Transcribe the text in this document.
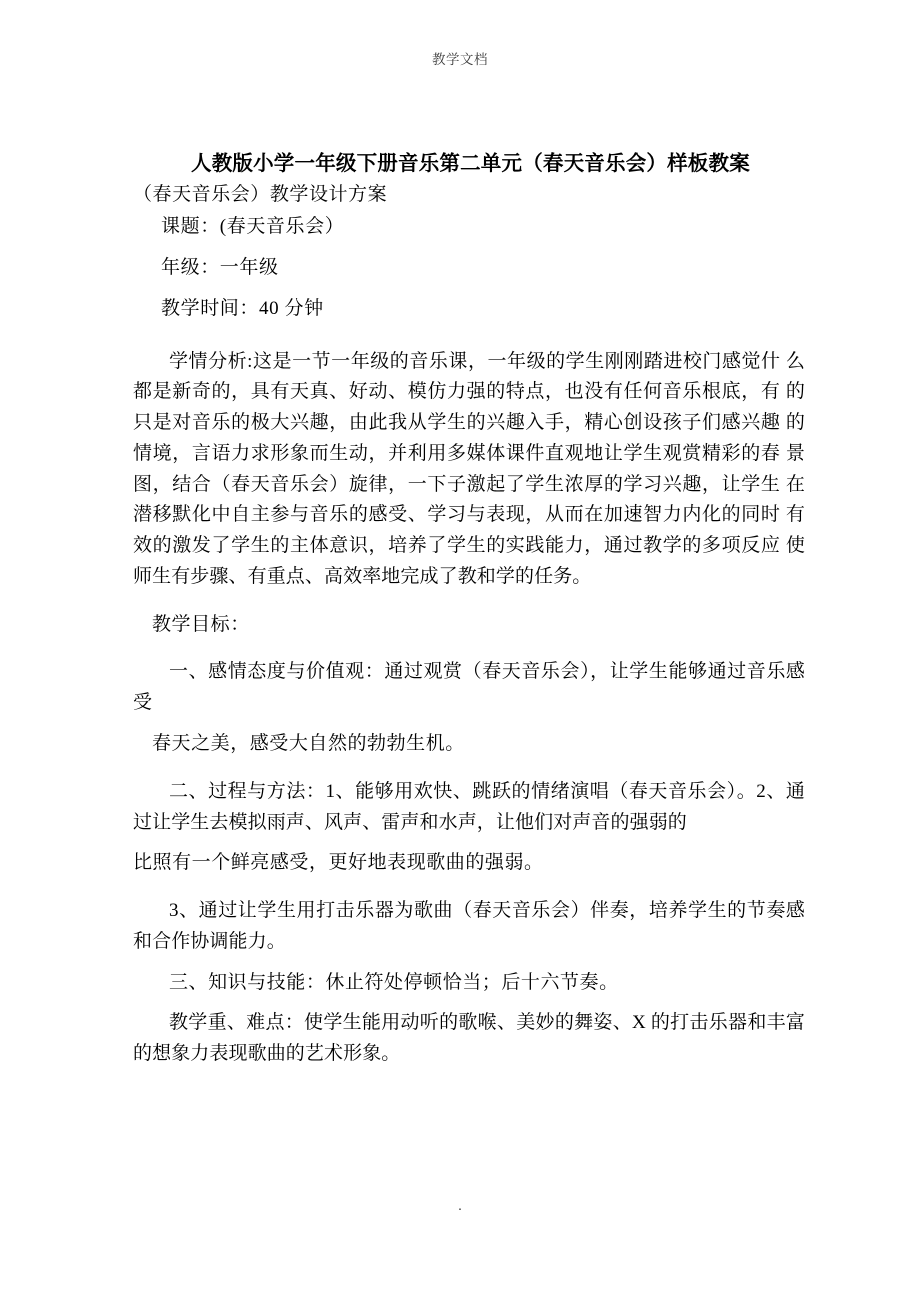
教学文档
人教版小学一年级下册音乐第二单元（春天音乐会）样板教案
（春天音乐会）教学设计方案
课题：(春天音乐会）
年级：一年级
教学时间：40 分钟

学情分析:这是一节一年级的音乐课，一年级的学生刚刚踏进校门感觉什 么都是新奇的，具有天真、好动、模仿力强的特点，也没有任何音乐根底，有 的只是对音乐的极大兴趣，由此我从学生的兴趣入手，精心创设孩子们感兴趣 的情境，言语力求形象而生动，并利用多媒体课件直观地让学生观赏精彩的春 景图，结合（春天音乐会）旋律，一下子激起了学生浓厚的学习兴趣，让学生 在潜移默化中自主参与音乐的感受、学习与表现，从而在加速智力内化的同时 有效的激发了学生的主体意识，培养了学生的实践能力，通过教学的多项反应 使师生有步骤、有重点、高效率地完成了教和学的任务。

教学目标：

一、感情态度与价值观：通过观赏（春天音乐会），让学生能够通过音乐感受

春天之美，感受大自然的勃勃生机。

二、过程与方法：1、能够用欢快、跳跃的情绪演唱（春天音乐会）。2、通过让学生去模拟雨声、风声、雷声和水声，让他们对声音的强弱的

比照有一个鲜亮感受，更好地表现歌曲的强弱。

3、通过让学生用打击乐器为歌曲（春天音乐会）伴奏，培养学生的节奏感和合作协调能力。

三、知识与技能：休止符处停顿恰当；后十六节奏。

教学重、难点：使学生能用动听的歌喉、美妙的舞姿、X 的打击乐器和丰富的想象力表现歌曲的艺术形象。

.
